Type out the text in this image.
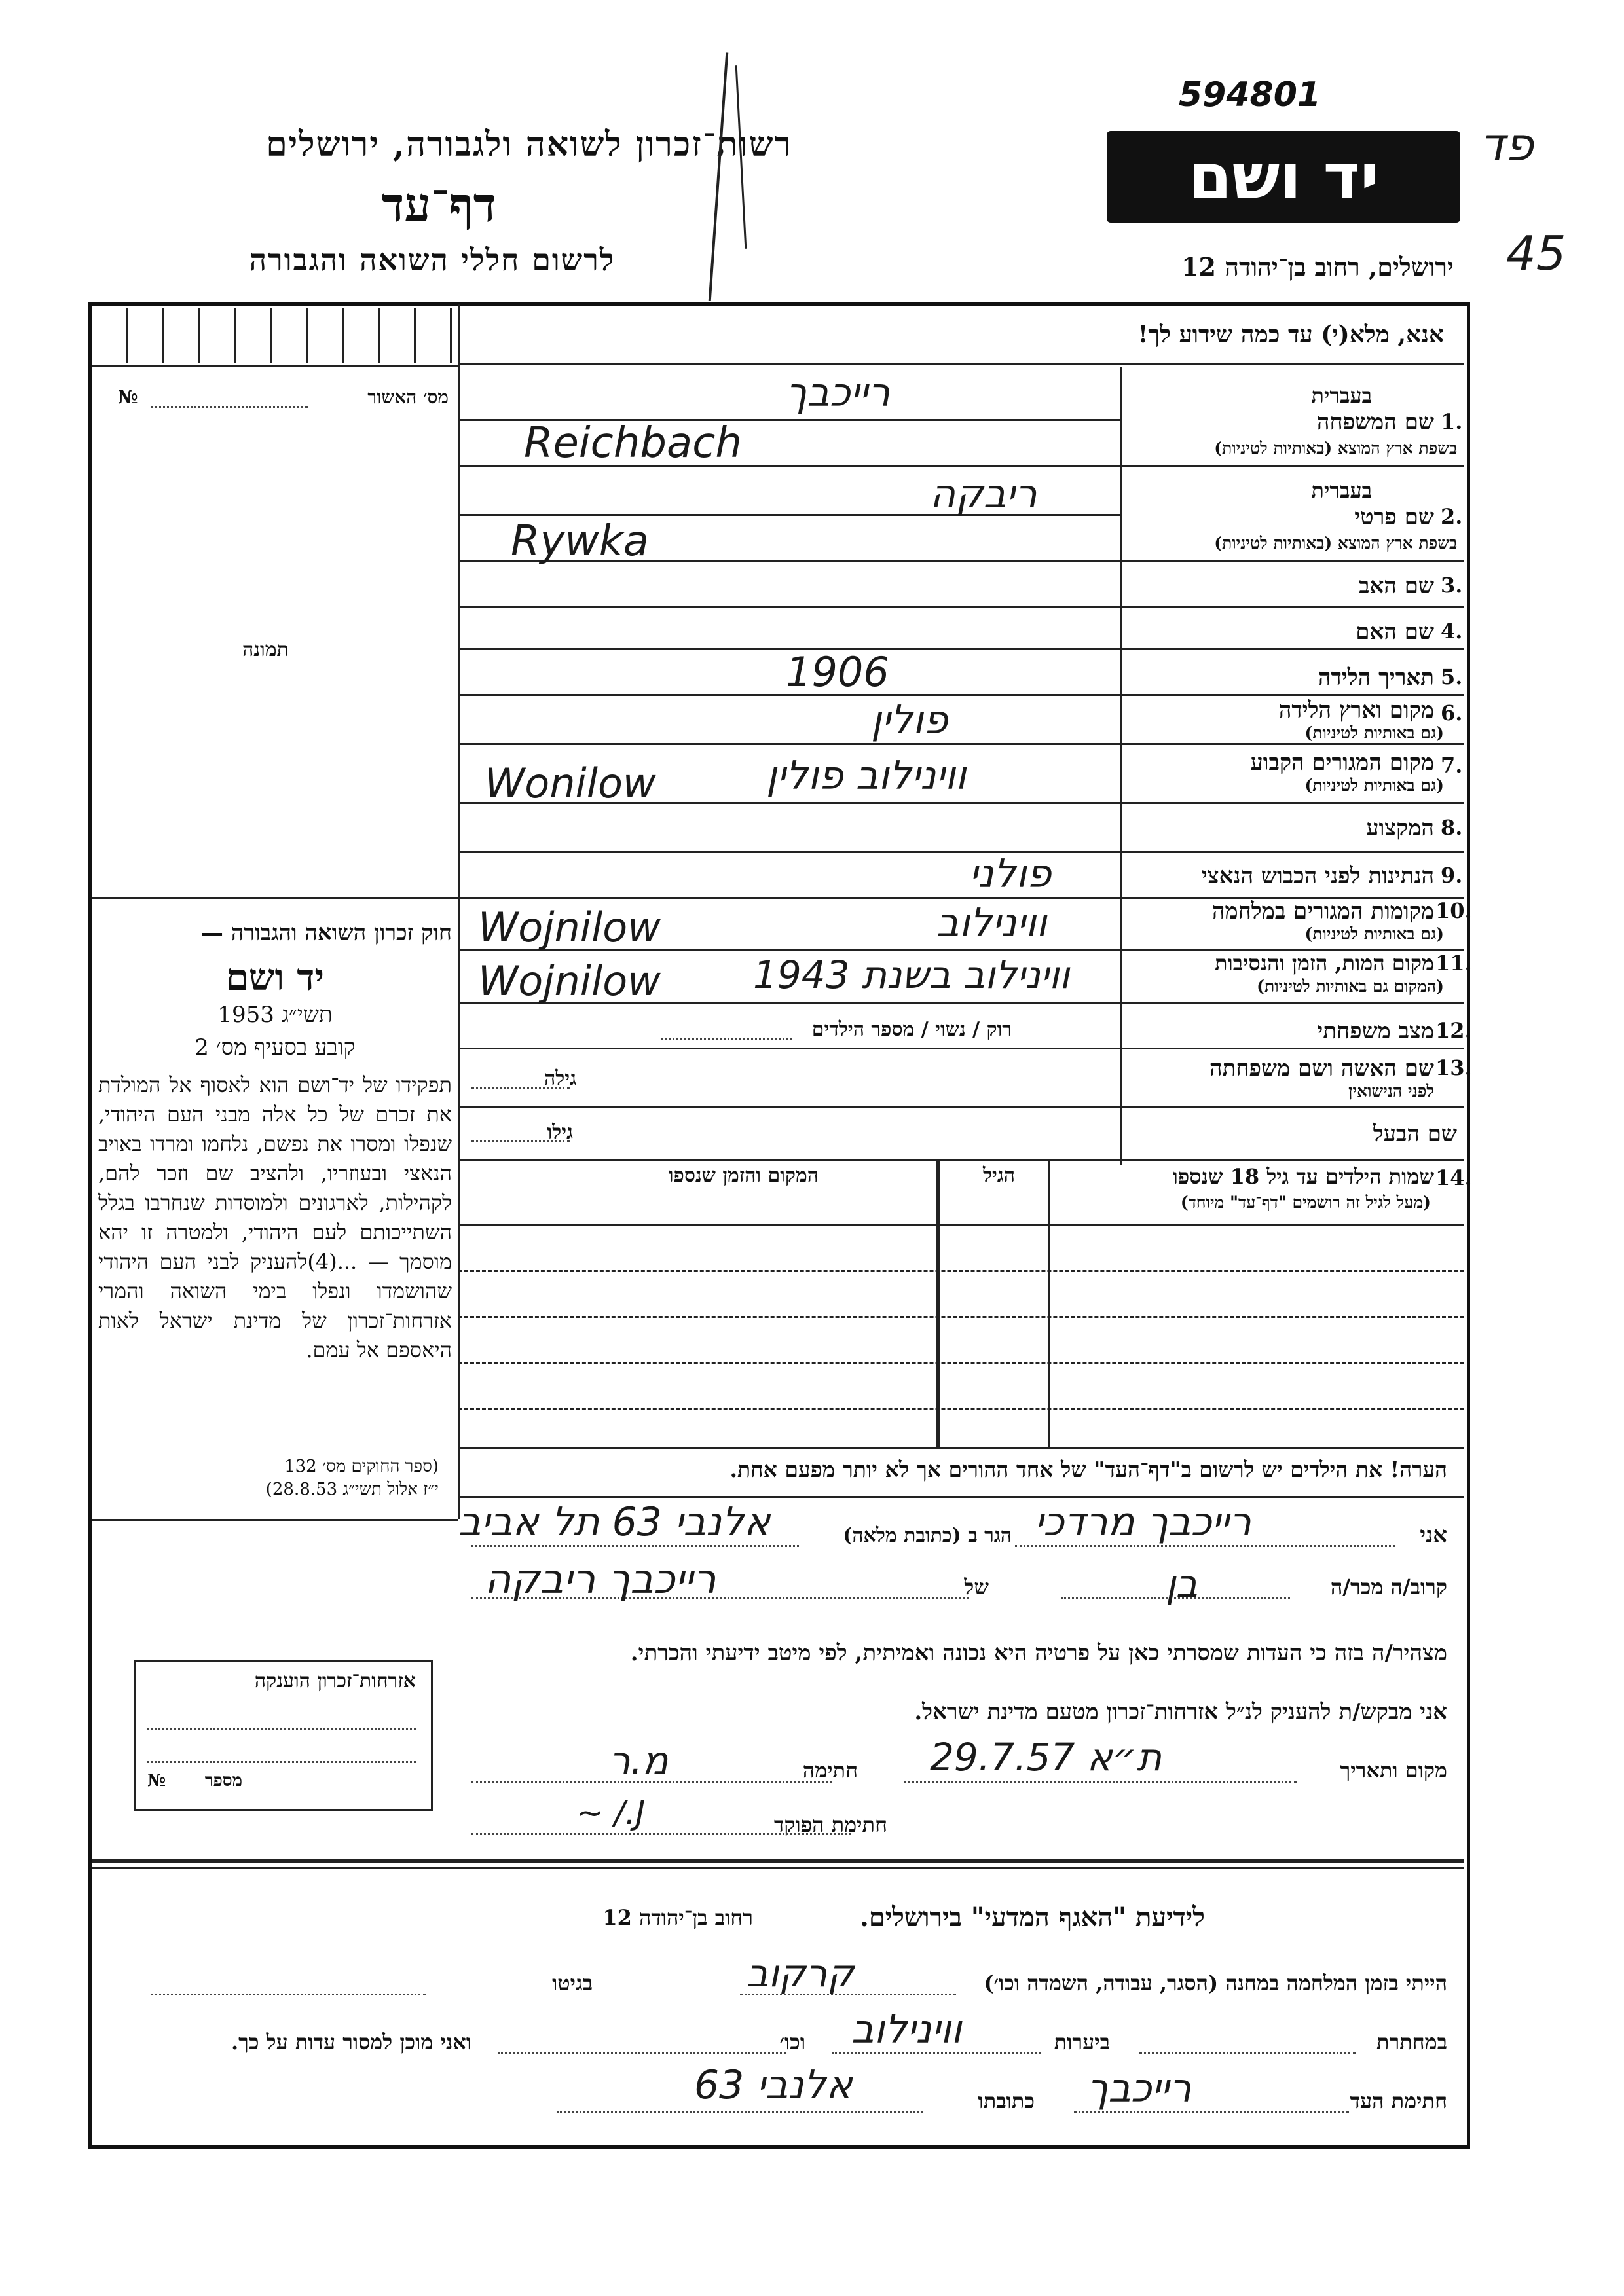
רשות־זכרון לשואה ולגבורה, ירושלים
דף־עד
לרשום חללי השואה והגבורה
594801
יד ושם
ירושלים, רחוב בן־יהודה 12
פד
45
אנא, מלא(י) עד כמה שידוע לך!
מס׳ האשור
№
תמונה
בעברית
1.
שם המשפחה
בשפת ארץ המוצא (באותיות לטיניות)
רייכבך
Reichbach
בעברית
2.
שם פרטי
בשפת ארץ המוצא (באותיות לטיניות)
ריבקה
Rywka
3.
שם האב
4.
שם האם
5.
תאריך הלידה
1906
6.
מקום וארץ הלידה
(גם באותיות לטיניות)
פולין
7.
מקום המגורים הקבוע
(גם באותיות לטיניות)
ווינילוב פולין
Wonilow
8.
המקצוע
9.
הנתינות לפני הכבוש הנאצי
פולני
10.
מקומות המגורים במלחמה
(גם באותיות לטיניות)
ווינילוב
Wojnilow
11.
מקום המות, הזמן והנסיבות
(המקום גם באותיות לטיניות)
ווינילוב בשנת 1943
Wojnilow
12.
מצב משפחתי
רוק / נשוי / מספר הילדים
13.
שם האשה ושם משפחתה
לפני הנישואין
גילה
שם הבעל
גילו
14.
שמות הילדים עד גיל 18 שנספו
(מעל לגיל זה רושמים "דף־עד" מיוחד)
הגיל
המקום והזמן שנספו
הערה! את הילדים יש לרשום ב"דף־העד" של אחד ההורים אך לא יותר מפעם אחת.
חוק זכרון השואה והגבורה —
יד ושם
תשי״ג 1953
קובע בסעיף מס׳ 2
תפקידו של יד־ושם הוא לאסוף אל המולדת את זכרם של כל אלה מבני העם היהודי, שנפלו ומסרו את נפשם, נלחמו ומרדו באויב הנאצי ובעוזריו, ולהציב שם וזכר להם, לקהילות, לארגונים ולמוסדות שנחרבו בגלל השתייכותם לעם היהודי, ולמטרה זו יהא מוסמך — ...(4)להעניק לבני העם היהודי שהושמדו ונפלו בימי השואה והמרי אזרחות־זכרון של מדינת ישראל לאות היאספם אל עמם.
(ספר החוקים מס׳ 132
י״ז אלול תשי״ג 28.8.53)
אני
רייכבך מרדכי
הגר ב (כתובת מלאה)
אלנבי 63 תל אביב
קרוב/ה מכר/ה
בן
של
רייכבך ריבקה
מצהיר/ה בזה כי העדות שמסרתי כאן על פרטיה היא נכונה ואמיתית, לפי מיטב ידיעתי והכרתי.
אני מבקש/ת להעניק לנ״ל אזרחות־זכרון מטעם מדינת ישראל.
מקום ותאריך
ת״א 29.7.57
חתימה
מ.ר
חתימת הפוקד
~ /.J
אזרחות־זכרון הוענקה
מספר
№
לידיעת "האגף המדעי" בירושלים.
רחוב בן־יהודה 12
הייתי בזמן המלחמה במחנה (הסגר, עבודה, השמדה וכו׳)
קרקוב
בגיטו
במחתרת
ביערות
ווינילוב
וכו׳
ואני מוכן למסור עדות על כך.
חתימת העד
רייכבך
כתובתו
אלנבי 63
